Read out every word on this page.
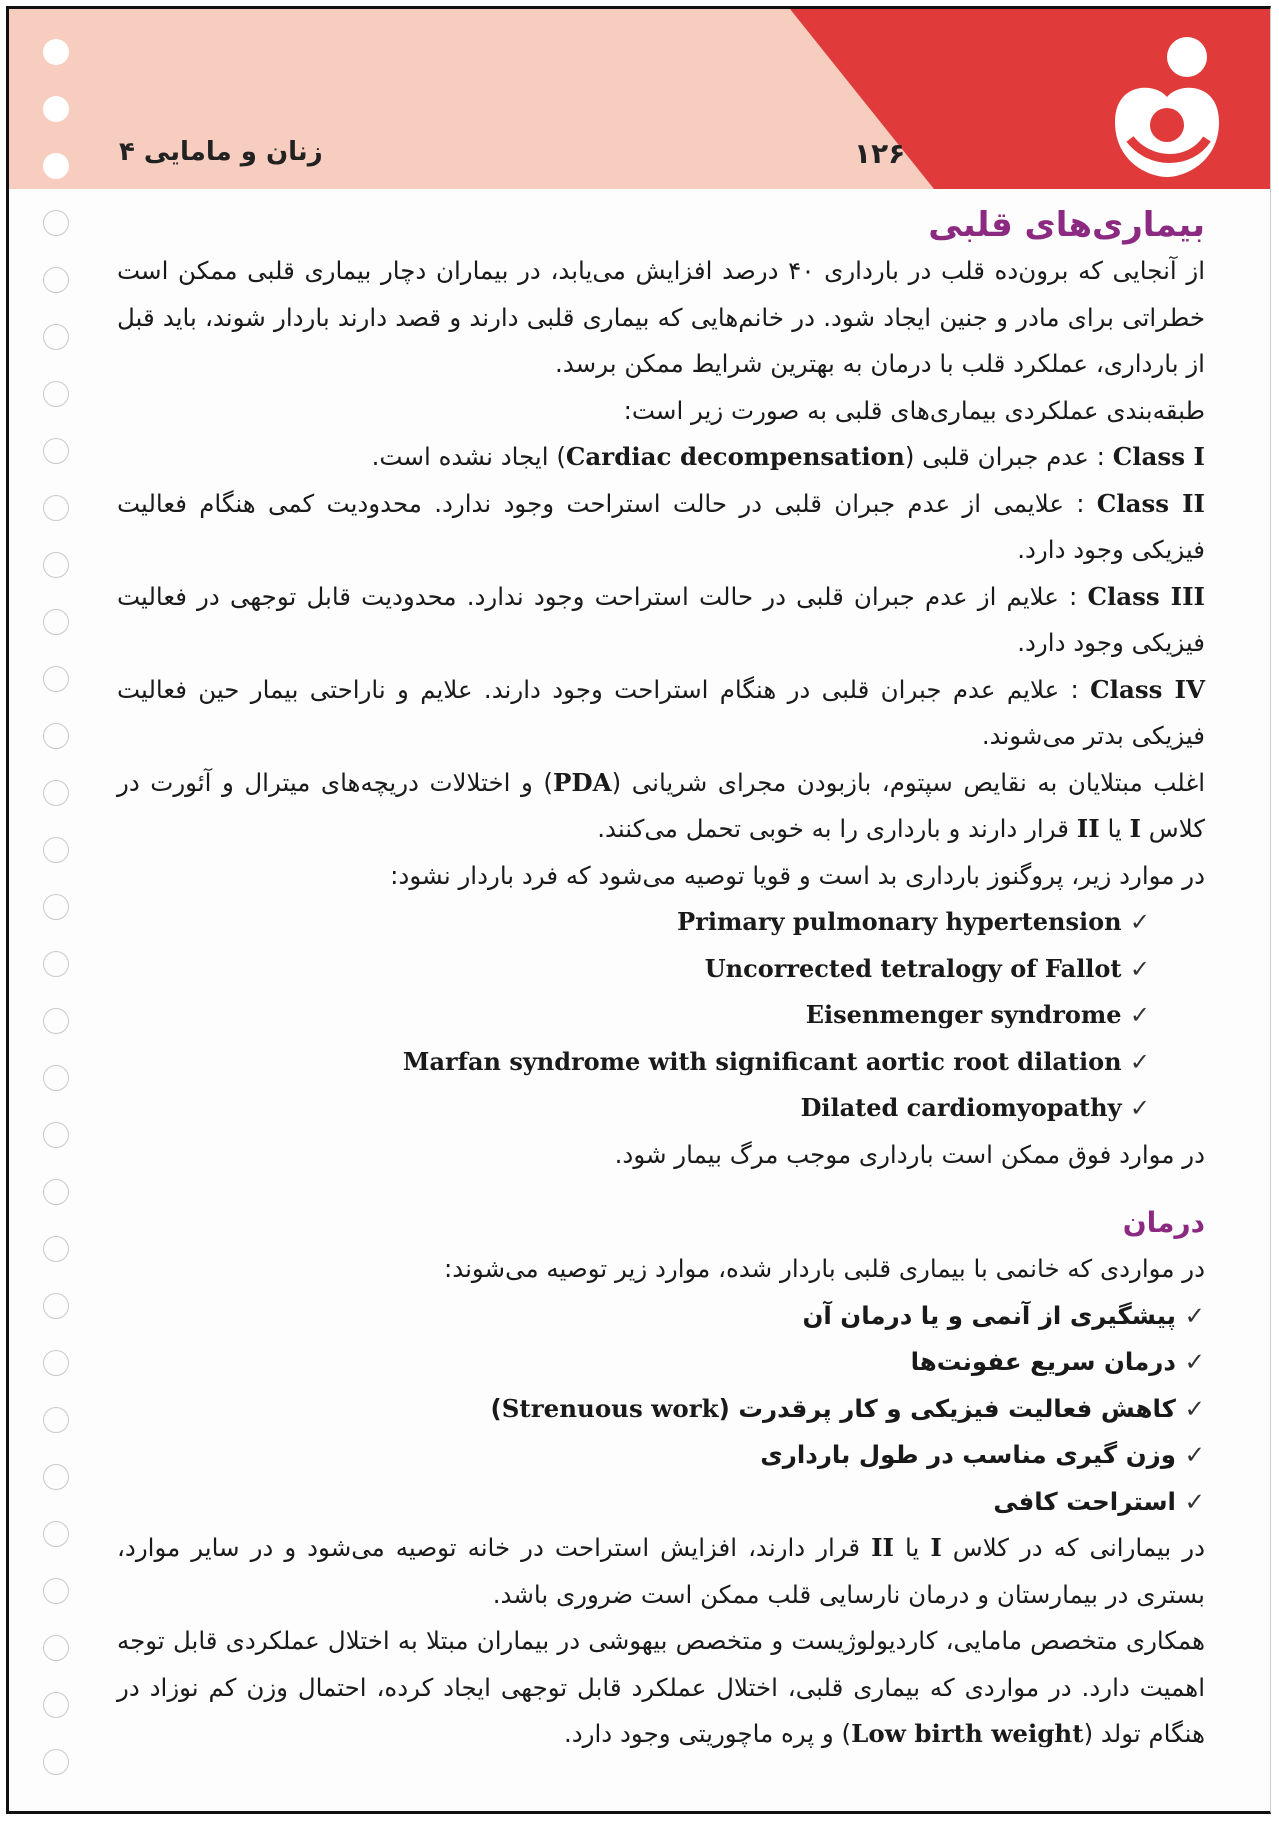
۱۲۶
زنان و مامایی ۴
بیماری‌های قلبی

از آنجایی که برون‌ده قلب در بارداری ۴۰ درصد افزایش می‌یابد، در بیماران دچار بیماری قلبی ممکن است خطراتی برای مادر و جنین ایجاد شود. در خانم‌هایی که بیماری قلبی دارند و قصد دارند باردار شوند، باید قبل از بارداری، عملکرد قلب با درمان به بهترین شرایط ممکن برسد.

طبقه‌بندی عملکردی بیماری‌های قلبی به صورت زیر است:

Class I : عدم جبران قلبی (Cardiac decompensation) ایجاد نشده است.

Class II : علایمی از عدم جبران قلبی در حالت استراحت وجود ندارد. محدودیت کمی هنگام فعالیت فیزیکی وجود دارد.

Class III : علایم از عدم جبران قلبی در حالت استراحت وجود ندارد. محدودیت قابل توجهی در فعالیت فیزیکی وجود دارد.

Class IV : علایم عدم جبران قلبی در هنگام استراحت وجود دارند. علایم و ناراحتی بیمار حین فعالیت فیزیکی بدتر می‌شوند.

اغلب مبتلایان به نقایص سپتوم، بازبودن مجرای شریانی (PDA) و اختلالات دریچه‌های میترال و آئورت در کلاس I یا II قرار دارند و بارداری را به خوبی تحمل می‌کنند.

در موارد زیر، پروگنوز بارداری بد است و قویا توصیه می‌شود که فرد باردار نشود:

Primary pulmonary hypertension ✓
Uncorrected tetralogy of Fallot ✓
Eisenmenger syndrome ✓
Marfan syndrome with significant aortic root dilation ✓
Dilated cardiomyopathy ✓

در موارد فوق ممکن است بارداری موجب مرگ بیمار شود.

درمان

در مواردی که خانمی با بیماری قلبی باردار شده، موارد زیر توصیه می‌شوند:

✓ پیشگیری از آنمی و یا درمان آن
✓ درمان سریع عفونت‌ها
✓ کاهش فعالیت فیزیکی و کار پرقدرت (Strenuous work)
✓ وزن گیری مناسب در طول بارداری
✓ استراحت کافی

در بیمارانی که در کلاس I یا II قرار دارند، افزایش استراحت در خانه توصیه می‌شود و در سایر موارد، بستری در بیمارستان و درمان نارسایی قلب ممکن است ضروری باشد.

همکاری متخصص مامایی، کاردیولوژیست و متخصص بیهوشی در بیماران مبتلا به اختلال عملکردی قابل توجه اهمیت دارد. در مواردی که بیماری قلبی، اختلال عملکرد قابل توجهی ایجاد کرده، احتمال وزن کم نوزاد در هنگام تولد (Low birth weight) و پره ماچوریتی وجود دارد.
